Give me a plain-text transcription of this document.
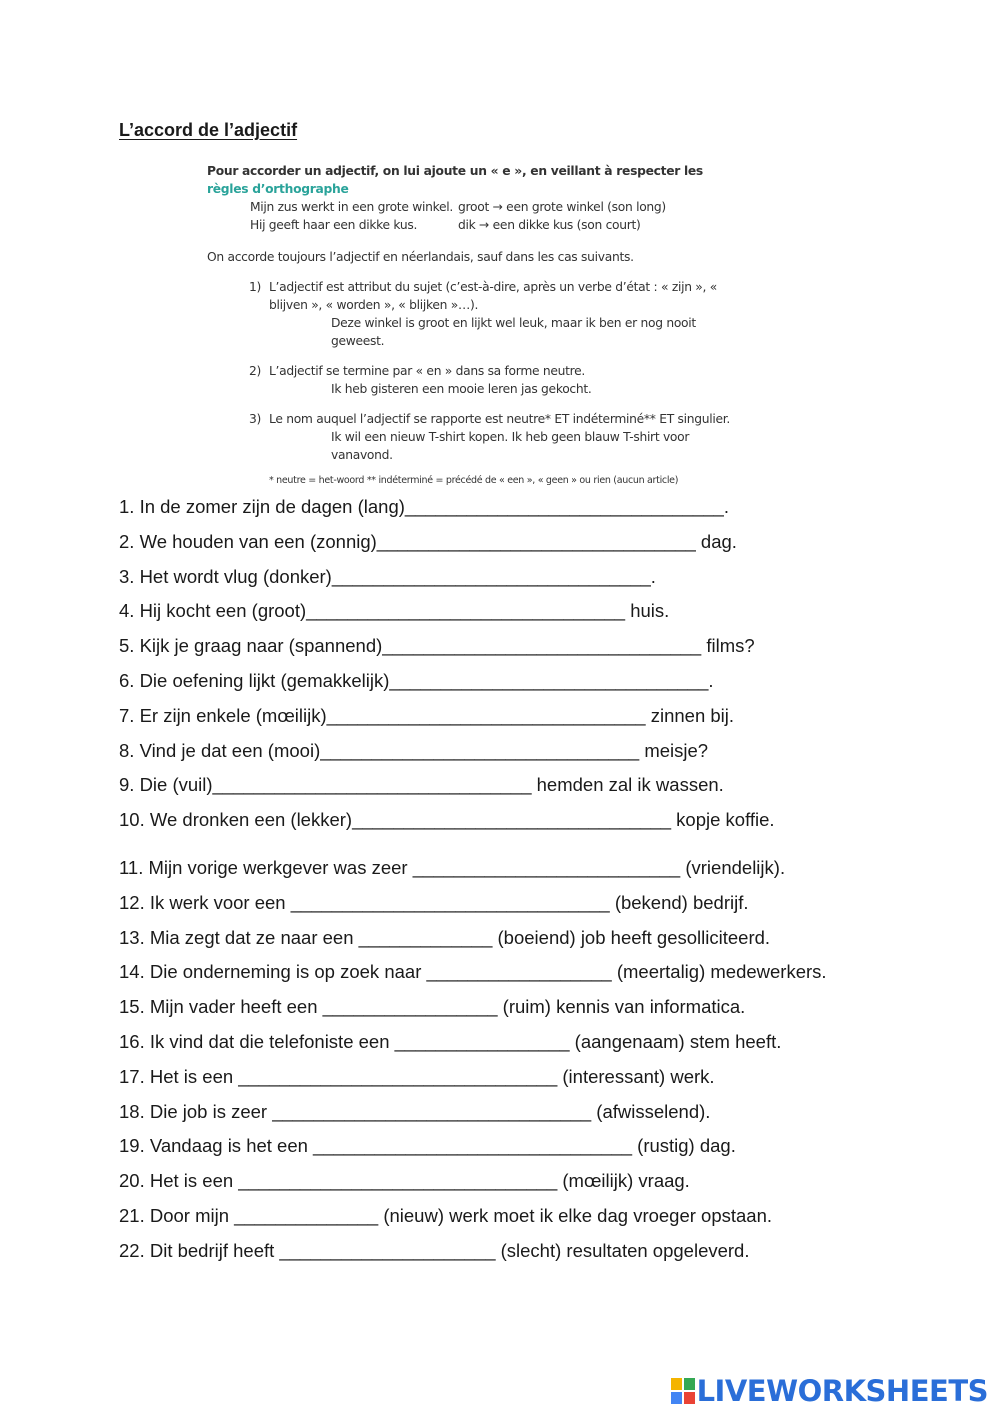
L’accord de l’adjectif
Pour accorder un adjectif, on lui ajoute un « e », en veillant à respecter les règles d’orthographe
Mijn zus werkt in een grote winkel. groot → een grote winkel (son long)
Hij geeft haar een dikke kus.	dik → een dikke kus (son court)
On accorde toujours l’adjectif en néerlandais, sauf dans les cas suivants.
1) L’adjectif est attribut du sujet (c’est-à-dire, après un verbe d’état : « zijn », « blijven », « worden », « blijken »…).
Deze winkel is groot en lijkt wel leuk, maar ik ben er nog nooit geweest.
2) L’adjectif se termine par « en » dans sa forme neutre.
Ik heb gisteren een mooie leren jas gekocht.
3) Le nom auquel l’adjectif se rapporte est neutre* ET indéterminé** ET singulier.
Ik wil een nieuw T-shirt kopen. Ik heb geen blauw T-shirt voor vanavond.
* neutre = het-woord ** indéterminé = précédé de « een », « geen » ou rien (aucun article)
1. In de zomer zijn de dagen (lang)_______________________________.
2. We houden van een (zonnig)_______________________________ dag.
3. Het wordt vlug (donker)_______________________________.
4. Hij kocht een (groot)_______________________________ huis.
5. Kijk je graag naar (spannend)_______________________________ films?
6. Die oefening lijkt (gemakkelijk)_______________________________.
7. Er zijn enkele (mœilijk)_______________________________ zinnen bij.
8. Vind je dat een (mooi)_______________________________ meisje?
9. Die (vuil)_______________________________ hemden zal ik wassen.
10. We dronken een (lekker)_______________________________ kopje koffie.
11. Mijn vorige werkgever was zeer __________________________ (vriendelijk).
12. Ik werk voor een _______________________________ (bekend) bedrijf.
13. Mia zegt dat ze naar een _____________ (boeiend) job heeft gesolliciteerd.
14. Die onderneming is op zoek naar __________________ (meertalig) medewerkers.
15. Mijn vader heeft een _________________ (ruim) kennis van informatica.
16. Ik vind dat die telefoniste een _________________ (aangenaam) stem heeft.
17. Het is een _______________________________ (interessant) werk.
18. Die job is zeer _______________________________ (afwisselend).
19. Vandaag is het een _______________________________ (rustig) dag.
20. Het is een _______________________________ (mœilijk) vraag.
21. Door mijn ______________ (nieuw) werk moet ik elke dag vroeger opstaan.
22. Dit bedrijf heeft _____________________ (slecht) resultaten opgeleverd.
LIVEWORKSHEETS
